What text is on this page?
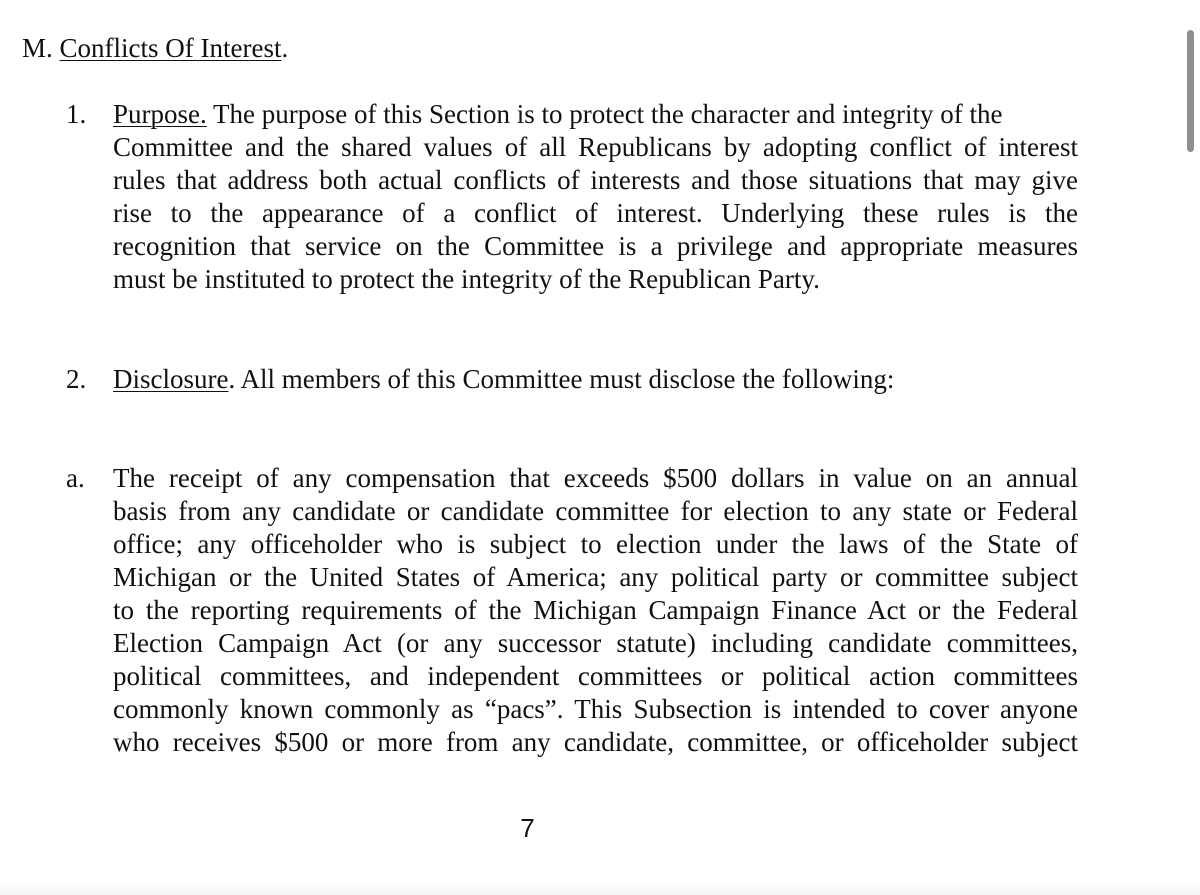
M. Conflicts Of Interest.
1. Purpose. The purpose of this Section is to protect the character and integrity of the
Committee and the shared values of all Republicans by adopting conflict of interest
rules that address both actual conflicts of interests and those situations that may give
rise to the appearance of a conflict of interest. Underlying these rules is the
recognition that service on the Committee is a privilege and appropriate measures
must be instituted to protect the integrity of the Republican Party.
2. Disclosure. All members of this Committee must disclose the following:
a. The receipt of any compensation that exceeds $500 dollars in value on an annual
basis from any candidate or candidate committee for election to any state or Federal
office; any officeholder who is subject to election under the laws of the State of
Michigan or the United States of America; any political party or committee subject
to the reporting requirements of the Michigan Campaign Finance Act or the Federal
Election Campaign Act (or any successor statute) including candidate committees,
political committees, and independent committees or political action committees
commonly known commonly as “pacs”. This Subsection is intended to cover anyone
who receives $500 or more from any candidate, committee, or officeholder subject
7
